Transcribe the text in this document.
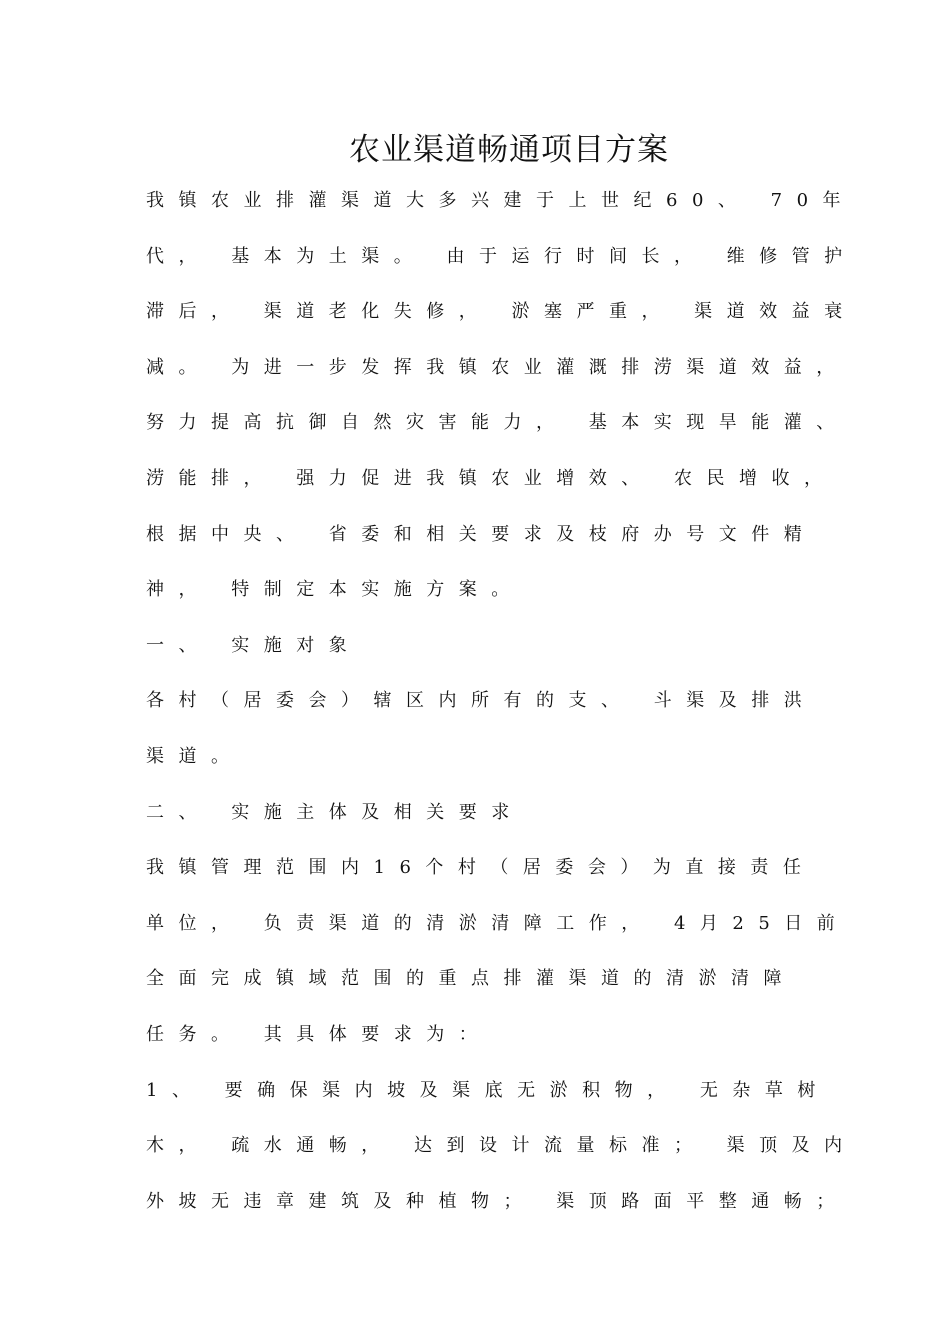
农业渠道畅通项目方案

我镇农业排灌渠道大多兴建于上世纪60、 70年

代， 基本为土渠。 由于运行时间长， 维修管护

滞后， 渠道老化失修， 淤塞严重， 渠道效益衰

减。 为进一步发挥我镇农业灌溉排涝渠道效益，

努力提高抗御自然灾害能力， 基本实现旱能灌、

涝能排， 强力促进我镇农业增效、 农民增收，

根据中央、 省委和相关要求及枝府办号文件精

神， 特制定本实施方案。

一、 实施对象

各村（居委会）辖区内所有的支、 斗渠及排洪

渠道。

二、 实施主体及相关要求

我镇管理范围内16个村（居委会）为直接责任

单位， 负责渠道的清淤清障工作， 4月25日前

全面完成镇域范围的重点排灌渠道的清淤清障

任务。 其具体要求为：

1、 要确保渠内坡及渠底无淤积物， 无杂草树

木， 疏水通畅， 达到设计流量标准； 渠顶及内

外坡无违章建筑及种植物； 渠顶路面平整通畅；
